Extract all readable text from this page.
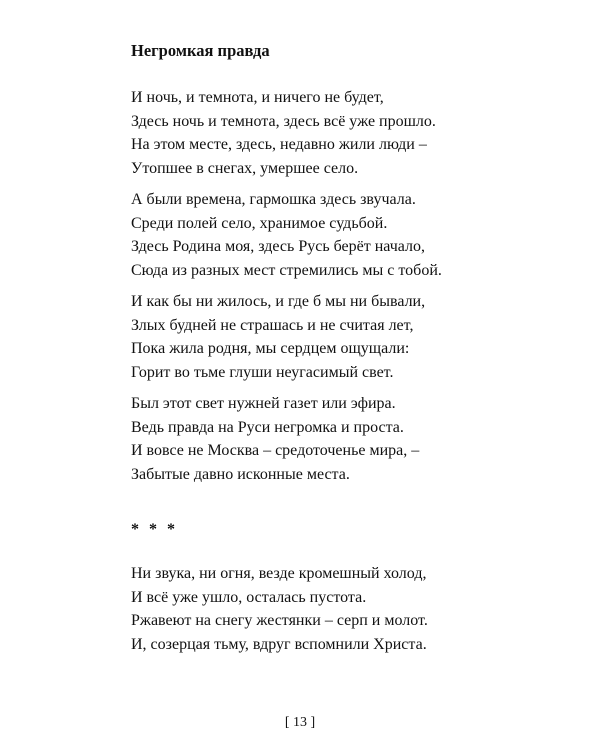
Негромкая правда
И ночь, и темнота, и ничего не будет,
Здесь ночь и темнота, здесь всё уже прошло.
На этом месте, здесь, недавно жили люди –
Утопшее в снегах, умершее село.
А были времена, гармошка здесь звучала.
Среди полей село, хранимое судьбой.
Здесь Родина моя, здесь Русь берёт начало,
Сюда из разных мест стремились мы с тобой.
И как бы ни жилось, и где б мы ни бывали,
Злых будней не страшась и не считая лет,
Пока жила родня, мы сердцем ощущали:
Горит во тьме глуши неугасимый свет.
Был этот свет нужней газет или эфира.
Ведь правда на Руси негромка и проста.
И вовсе не Москва – средоточенье мира, –
Забытые давно исконные места.
* * *
Ни звука, ни огня, везде кромешный холод,
И всё уже ушло, осталась пустота.
Ржавеют на снегу жестянки – серп и молот.
И, созерцая тьму, вдруг вспомнили Христа.
[ 13 ]
